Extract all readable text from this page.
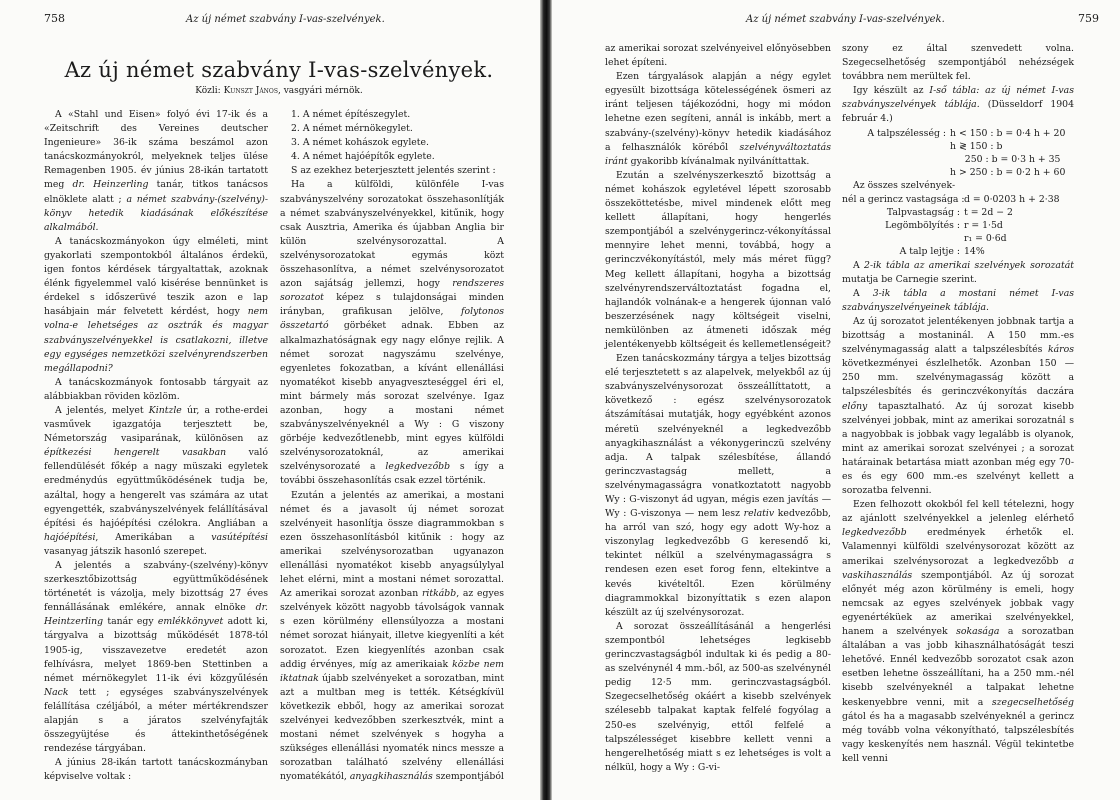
758	Az új német szabvány I-vas-szelvények.
Az új német szabvány I-vas-szelvények.
Közli: Kunszt János, vasgyári mérnök.

A «Stahl und Eisen» folyó évi 17-ik és a «Zeitschrift des Vereines deutscher Ingenieure» 36-ik száma beszámol azon tanácskozmányokról, melyeknek teljes ülése Remagenben 1905. év június 28-ikán tartatott meg dr. Heinzerling tanár, titkos tanácsos elnöklete alatt ; a német szabvány-(szelvény)-könyv hetedik kiadásának előkészítése alkalmából.

A tanácskozmányokon úgy elméleti, mint gyakorlati szempontokból általános érdekü, igen fontos kérdések tárgyaltattak, azoknak élénk figyelemmel való kisérése bennünket is érdekel s időszerüvé teszik azon e lap hasábjain már felvetett kérdést, hogy nem volna-e lehetséges az osztrák és magyar szabványszelvényekkel is csatlakozni, illetve egy egységes nemzetközi szelvényrendszerben megállapodni?

A tanácskozmányok fontosabb tárgyait az alábbiakban röviden közlöm.

A jelentés, melyet Kintzle úr, a rothe-erdei vasművek igazgatója terjesztett be, Németország vasiparának, különösen az építkezési hengerelt vasakban való fellendülését főkép a nagy müszaki egyletek eredménydús együttműködésének tudja be, azáltal, hogy a hengerelt vas számára az utat egyengették, szabványszelvények felállításával építési és hajóépítési czélokra. Angliában a hajóépítési, Amerikában a vasútépítési vasanyag játszik hasonló szerepet.

A jelentés a szabvány-(szelvény)-könyv szerkesztőbizottság együttműködésének történetét is vázolja, mely bizottság 27 éves fennállásának emlékére, annak elnöke dr. Heintzerling tanár egy emlékkönyvet adott ki, tárgyalva a bizottság működését 1878-tól 1905-ig, visszavezetve eredetét azon felhívásra, melyet 1869-ben Stettinben a német mérnökegylet 11-ik évi közgyűlésén Nack tett ; egységes szabványszelvények felállítása czéljából, a méter mértékrendszer alapján s a járatos szelvényfajták összegyüjtése és áttekinthetőségének rendezése tárgyában.

A június 28-ikán tartott tanácskozmányban képviselve voltak :

1. A német építészegylet.

2. A német mérnökegylet.

3. A német kohászok egylete.

4. A német hajóépítők egylete.

S az ezekhez beterjesztett jelentés szerint :

Ha a külföldi, különféle I-vas szabványszelvény sorozatokat összehasonlítják a német szabványszelvényekkel, kitűnik, hogy csak Ausztria, Amerika és újabban Anglia bir külön szelvénysorozattal. A szelvénysorozatokat egymás közt összehasonlítva, a német szelvénysorozatot azon sajátság jellemzi, hogy rendszeres sorozatot képez s tulajdonságai minden irányban, grafikusan jelölve, folytonos összetartó görbéket adnak. Ebben az alkalmazhatóságnak egy nagy előnye rejlik. A német sorozat nagyszámu szelvénye, egyenletes fokozatban, a kívánt ellenállási nyomatékot kisebb anyagveszteséggel éri el, mint bármely más sorozat szelvénye. Igaz azonban, hogy a mostani német szabványszelvényeknél a Wy : G viszony görbéje kedvezőtlenebb, mint egyes külföldi szelvénysorozatoknál, az amerikai szelvénysorozaté a legkedvezőbb s így a további összehasonlítás csak ezzel történik.

Ezután a jelentés az amerikai, a mostani német és a javasolt új német sorozat szelvényeit hasonlítja össze diagrammokban s ezen összehasonlításból kitűnik : hogy az amerikai szelvénysorozatban ugyanazon ellenállási nyomatékot kisebb anyagsúlylyal lehet elérni, mint a mostani német sorozattal. Az amerikai sorozat azonban ritkább, az egyes szelvények között nagyobb távolságok vannak s ezen körülmény ellensúlyozza a mostani német sorozat hiányait, illetve kiegyenlíti a két sorozatot. Ezen kiegyenlítés azonban csak addig érvényes, míg az amerikaiak közbe nem iktatnak újabb szelvényeket a sorozatban, mint azt a multban meg is tették. Kétségkívül következik ebből, hogy az amerikai sorozat szelvényei kedvezőbben szerkesztvék, mint a mostani német szelvények s hogyha a szükséges ellenállási nyomaték nincs messze a sorozatban található szelvény ellenállási nyomatékától, anyagkihasználás szempontjából

Az új német szabvány I-vas-szelvények.	759

az amerikai sorozat szelvényeivel előnyösebben lehet építeni.

Ezen tárgyalások alapján a négy egylet egyesült bizottsága kötelességének ösmeri az iránt teljesen tájékozódni, hogy mi módon lehetne ezen segíteni, annál is inkább, mert a szabvány-(szelvény)-könyv hetedik kiadásához a felhasználók köréből szelvényváltoztatás iránt gyakoribb kívánalmak nyilváníttattak.

Ezután a szelvényszerkesztő bizottság a német kohászok egyletével lépett szorosabb összeköttetésbe, mivel mindenek előtt meg kellett állapítani, hogy hengerlés szempontjából a szelvénygerincz-vékonyítással mennyire lehet menni, továbbá, hogy a gerinczvékonyítástól, mely más méret függ? Meg kellett állapítani, hogyha a bizottság szelvényrendszerváltoztatást fogadna el, hajlandók volnának-e a hengerek újonnan való beszerzésének nagy költségeit viselni, nemkülönben az átmeneti időszak még jelentékenyebb költségeit és kellemetlenségeit?

Ezen tanácskozmány tárgya a teljes bizottság elé terjesztetett s az alapelvek, melyekből az új szabványszelvénysorozat összeállíttatott, a következő : egész szelvénysorozatok átszámításai mutatják, hogy egyébként azonos méretü szelvényeknél a legkedvezőbb anyagkihasználást a vékonygerinczü szelvény adja. A talpak szélesbítése, állandó gerinczvastagság mellett, a szelvénymagasságra vonatkoztatott nagyobb Wy : G-viszonyt ád ugyan, mégis ezen javítás — Wy : G-viszonya — nem lesz relativ kedvezőbb, ha arról van szó, hogy egy adott Wy-hoz a viszonylag legkedvezőbb G keresendő ki, tekintet nélkül a szelvénymagasságra s rendesen ezen eset forog fenn, eltekintve a kevés kivételtől. Ezen körülmény diagrammokkal bizonyíttatik s ezen alapon készült az új szelvénysorozat.

A sorozat összeállításánál a hengerlési szempontból lehetséges legkisebb gerinczvastagságból indultak ki és pedig a 80-as szelvénynél 4 mm.-ből, az 500-as szelvénynél pedig 12·5 mm. gerinczvastagságból. Szegecselhetőség okáért a kisebb szelvények szélesebb talpakat kaptak felfelé fogyólag a 250-es szelvényig, ettől felfelé a talpszélességet kisebbre kellett venni a hengerelhetőség miatt s ez lehetséges is volt a nélkül, hogy a Wy : G-vi-

szony ez által szenvedett volna. Szegecselhetőség szempontjából nehézségek továbbra nem merültek fel.

Igy készült az I-ső tábla: az új német I-vas szabványszelvények táblája. (Düsseldorf 1904 február 4.)

A talpszélesség : h < 150 : b = 0·4 h + 20
h ≷ 150 : b
250 : b = 0·3 h + 35
h > 250 : b = 0·2 h + 60

Az összes szelvények-

nél a gerincz vastagsága : d = 0·0203 h + 2·38
Talpvastagság : t = 2d − 2
Legömbölyítés : r = 1·5d
r₁ = 0·6d
A talp lejtje : 14%

A 2-ik tábla az amerikai szelvények sorozatát mutatja be Carnegie szerint.

A 3-ik tábla a mostani német I-vas szabványszelvényeinek táblája.

Az új sorozatot jelentékenyen jobbnak tartja a bizottság a mostaninál. A 150 mm.-es szelvénymagasság alatt a talpszélesbítés káros következményei észlelhetők. Azonban 150 — 250 mm. szelvénymagasság között a talpszélesbítés és gerinczvékonyítás daczára előny tapasztalható. Az új sorozat kisebb szelvényei jobbak, mint az amerikai sorozatnál s a nagyobbak is jobbak vagy legalább is olyanok, mint az amerikai sorozat szelvényei ; a sorozat határainak betartása miatt azonban még egy 70-es és egy 600 mm.-es szelvényt kellett a sorozatba felvenni.

Ezen felhozott okokból fel kell tételezni, hogy az ajánlott szelvényekkel a jelenleg elérhető legkedvezőbb eredmények érhetők el. Valamennyi külföldi szelvénysorozat között az amerikai szelvénysorozat a legkedvezőbb a vaskihasználás szempontjából. Az új sorozat előnyét még azon körülmény is emeli, hogy nemcsak az egyes szelvények jobbak vagy egyenértéküek az amerikai szelvényekkel, hanem a szelvények sokasága a sorozatban általában a vas jobb kihasználhatóságát teszi lehetővé. Ennél kedvezőbb sorozatot csak azon esetben lehetne összeállítani, ha a 250 mm.-nél kisebb szelvényeknél a talpakat lehetne keskenyebbre venni, mit a szegecselhetőség gátol és ha a magasabb szelvényeknél a gerincz még tovább volna vékonyítható, talpszélesbítés vagy keskenyítés nem használ. Végül tekintetbe kell venni
